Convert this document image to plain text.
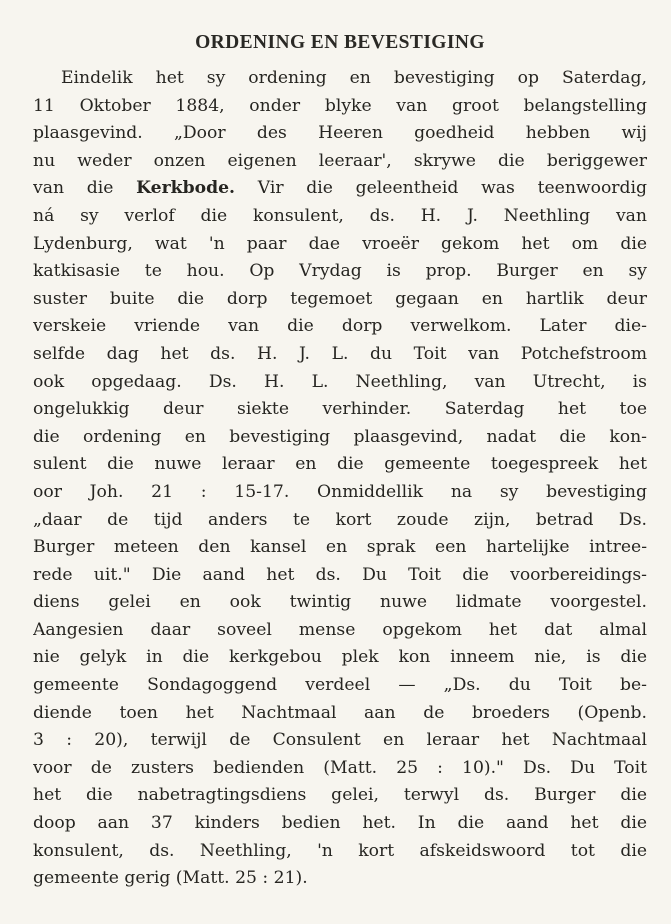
ORDENING EN BEVESTIGING
Eindelik het sy ordening en bevestiging op Saterdag,
11 Oktober 1884, onder blyke van groot belangstelling
plaasgevind. „Door des Heeren goedheid hebben wij
nu weder onzen eigenen leeraar', skrywe die beriggewer
van die Kerkbode. Vir die geleentheid was teenwoordig
ná sy verlof die konsulent, ds. H. J. Neethling van
Lydenburg, wat 'n paar dae vroeër gekom het om die
katkisasie te hou. Op Vrydag is prop. Burger en sy
suster buite die dorp tegemoet gegaan en hartlik deur
verskeie vriende van die dorp verwelkom. Later die-
selfde dag het ds. H. J. L. du Toit van Potchefstroom
ook opgedaag. Ds. H. L. Neethling, van Utrecht, is
ongelukkig deur siekte verhinder. Saterdag het toe
die ordening en bevestiging plaasgevind, nadat die kon-
sulent die nuwe leraar en die gemeente toegespreek het
oor Joh. 21 : 15-17. Onmiddellik na sy bevestiging
„daar de tijd anders te kort zoude zijn, betrad Ds.
Burger meteen den kansel en sprak een hartelijke intree-
rede uit." Die aand het ds. Du Toit die voorbereidings-
diens gelei en ook twintig nuwe lidmate voorgestel.
Aangesien daar soveel mense opgekom het dat almal
nie gelyk in die kerkgebou plek kon inneem nie, is die
gemeente Sondagoggend verdeel — „Ds. du Toit be-
diende toen het Nachtmaal aan de broeders (Openb.
3 : 20), terwijl de Consulent en leraar het Nachtmaal
voor de zusters bedienden (Matt. 25 : 10)." Ds. Du Toit
het die nabetragtingsdiens gelei, terwyl ds. Burger die
doop aan 37 kinders bedien het. In die aand het die
konsulent, ds. Neethling, 'n kort afskeidswoord tot die
gemeente gerig (Matt. 25 : 21).
